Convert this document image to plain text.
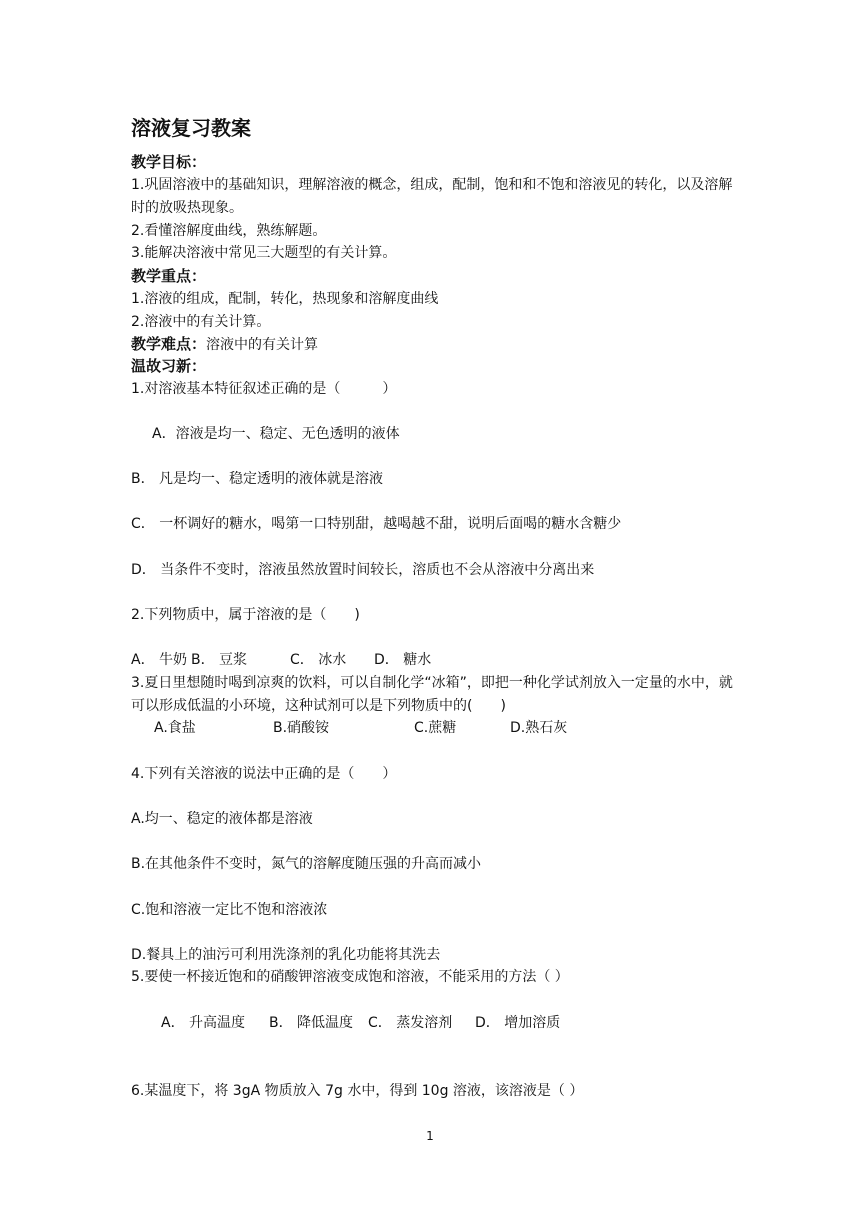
溶液复习教案
教学目标：
1.巩固溶液中的基础知识，理解溶液的概念，组成，配制，饱和和不饱和溶液见的转化，以及溶解时的放吸热现象。
2.看懂溶解度曲线，熟练解题。
3.能解决溶液中常见三大题型的有关计算。
教学重点：
1.溶液的组成，配制，转化，热现象和溶解度曲线
2.溶液中的有关计算。
教学难点：溶液中的有关计算
温故习新：
1.对溶液基本特征叙述正确的是（　　　）
A．溶液是均一、稳定、无色透明的液体
B． 凡是均一、稳定透明的液体就是溶液
C． 一杯调好的糖水，喝第一口特别甜，越喝越不甜，说明后面喝的糖水含糖少
D． 当条件不变时，溶液虽然放置时间较长，溶质也不会从溶液中分离出来
2.下列物质中，属于溶液的是（　　)
A． 牛奶 B． 豆浆	C． 冰水 D． 糖水
3.夏日里想随时喝到凉爽的饮料，可以自制化学“冰箱”，即把一种化学试剂放入一定量的水中，就可以形成低温的小环境，这种试剂可以是下列物质中的(　　)
A.食盐	B.硝酸铵	C.蔗糖	D.熟石灰
4.下列有关溶液的说法中正确的是（　　）
A.均一、稳定的液体都是溶液
B.在其他条件不变时，氮气的溶解度随压强的升高而减小
C.饱和溶液一定比不饱和溶液浓
D.餐具上的油污可利用洗涤剂的乳化功能将其洗去
5.要使一杯接近饱和的硝酸钾溶液变成饱和溶液，不能采用的方法（ ）
A． 升高温度 B． 降低温度 C． 蒸发溶剂 D． 增加溶质
6.某温度下，将 3gA 物质放入 7g 水中，得到 10g 溶液，该溶液是（ ）
1
